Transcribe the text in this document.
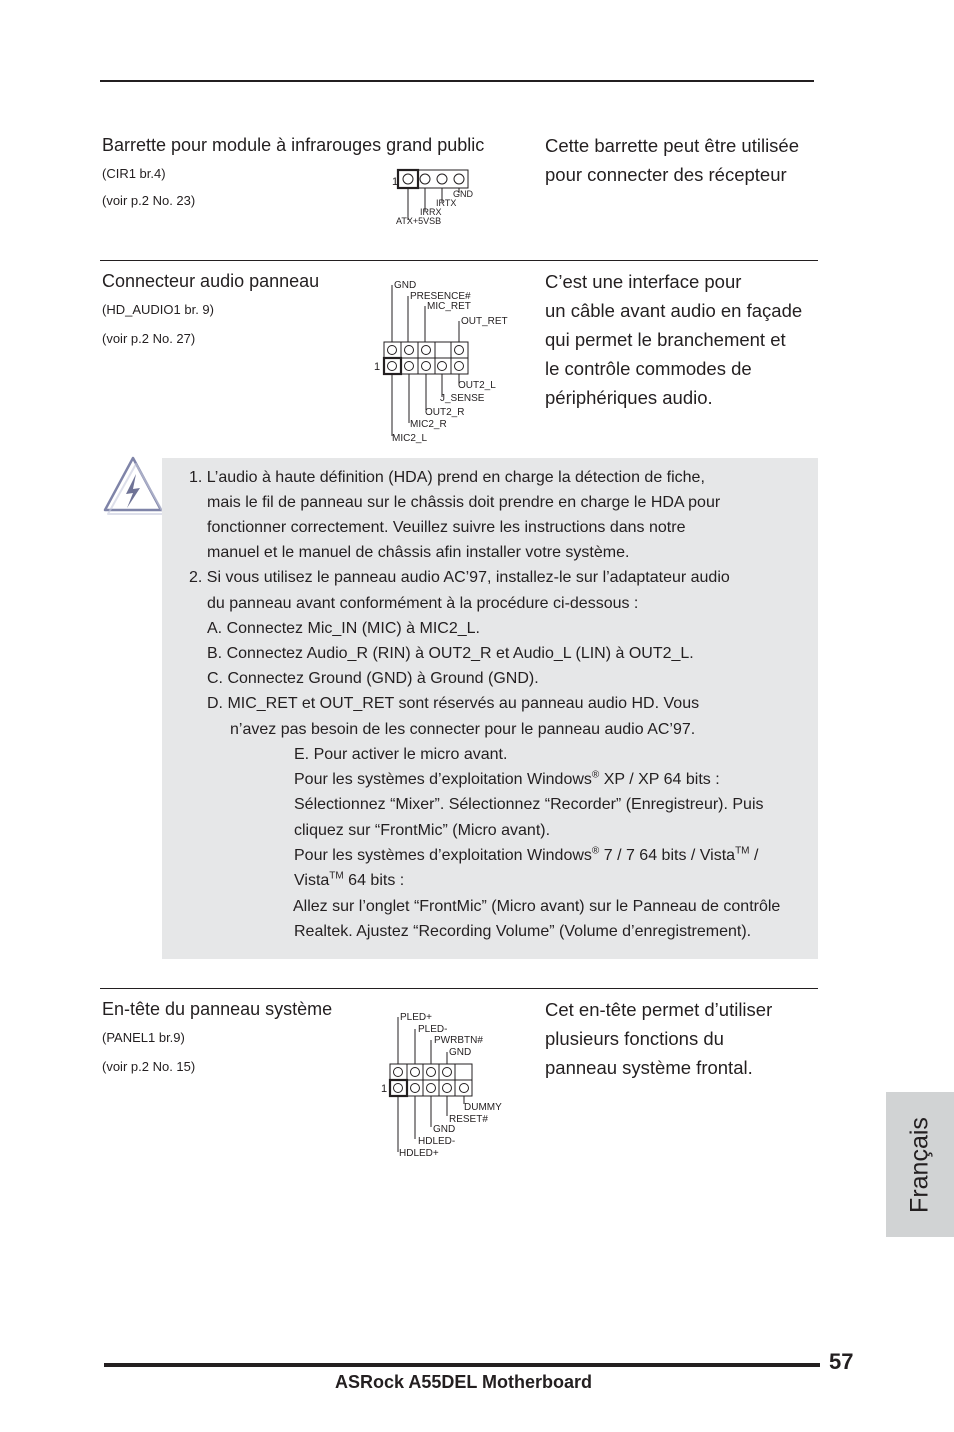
Barrette pour module à infrarouges grand public
(CIR1 br.4)
(voir p.2 No. 23)
Cette barrette peut être utilisée
pour connecter des récepteur
1
GND
IRTX
IRRX
ATX+5VSB
Connecteur audio panneau
(HD_AUDIO1 br. 9)
(voir p.2 No. 27)
C’est une interface pour
un câble avant audio en façade
qui permet le branchement et
le contrôle commodes de
périphériques audio.
GND
PRESENCE#
MIC_RET
OUT_RET
1
OUT2_L
J_SENSE
OUT2_R
MIC2_R
MIC2_L
1. L’audio à haute définition (HDA) prend en charge la détection de fiche,
mais le fil de panneau sur le châssis doit prendre en charge le HDA pour
fonctionner correctement. Veuillez suivre les instructions dans notre
manuel et le manuel de châssis afin installer votre système.
2. Si vous utilisez le panneau audio AC’97, installez-le sur l’adaptateur audio
du panneau avant conformément à la procédure ci-dessous :
A. Connectez Mic_IN (MIC) à MIC2_L.
B. Connectez Audio_R (RIN) à OUT2_R et Audio_L (LIN) à OUT2_L.
C. Connectez Ground (GND) à Ground (GND).
D. MIC_RET et OUT_RET sont réservés au panneau audio HD. Vous
n’avez pas besoin de les connecter pour le panneau audio AC’97.
E. Pour activer le micro avant.
Pour les systèmes d’exploitation Windows® XP / XP 64 bits :
Sélectionnez “Mixer”. Sélectionnez “Recorder” (Enregistreur). Puis
cliquez sur “FrontMic” (Micro avant).
Pour les systèmes d’exploitation Windows® 7 / 7 64 bits / Vista™ /
Vista™ 64 bits :
Allez sur l’onglet “FrontMic” (Micro avant) sur le Panneau de contrôle
Realtek. Ajustez “Recording Volume” (Volume d’enregistrement).
En-tête du panneau système
(PANEL1 br.9)
(voir p.2 No. 15)
Cet en-tête permet d’utiliser
plusieurs fonctions du
panneau système frontal.
PLED+
PLED-
PWRBTN#
GND
1
DUMMY
RESET#
GND
HDLED-
HDLED+	Français
57
ASRock A55DEL Motherboard
